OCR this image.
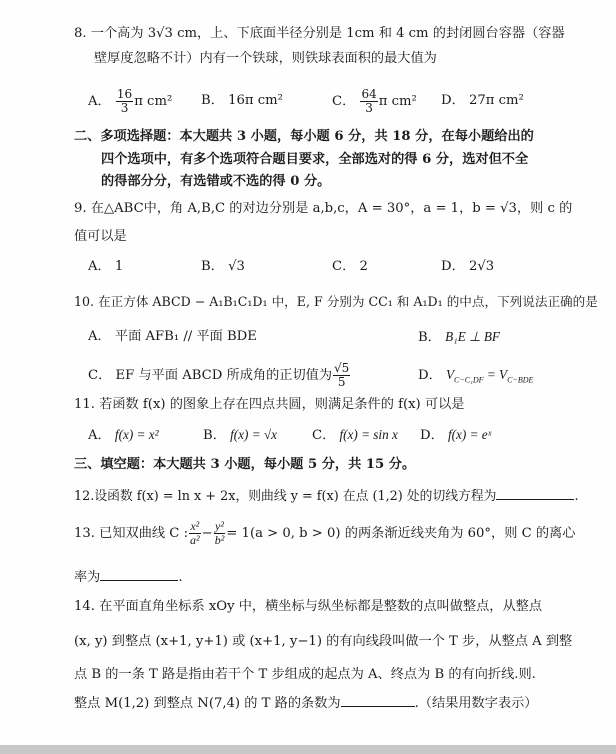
8. 一个高为 3√3 cm，上、下底面半径分别是 1cm 和 4 cm 的封闭圆台容器（容器
壁厚度忽略不计）内有一个铁球，则铁球表面积的最大值为
A． $\frac{16}{3}$ π cm² B． 16π cm²	C． $\frac{64}{3}$ π cm² D． 27π cm²
二、多项选择题：本大题共 3 小题，每小题 6 分，共 18 分，在每小题给出的
四个选项中，有多个选项符合题目要求，全部选对的得 6 分，选对但不全
的得部分分，有选错或不选的得 0 分。
9. 在△ABC中，角 A,B,C 的对边分别是 a,b,c，A = 30°，a = 1，b = √3，则 c 的
值可以是
A． 1	B． √3	C． 2	D． 2√3
10. 在正方体 ABCD − A₁B₁C₁D₁ 中，E, F 分别为 CC₁ 和 A₁D₁ 的中点，下列说法正确的是
A． 平面 AFB₁ // 平面 BDE	B． B₁E ⊥ BF
C． EF 与平面 ABCD 所成角的正切值为 $\frac{√5}{5}$	D． $V_{C-C_1DF} = V_{C-BDE}$
11. 若函数 f(x) 的图象上存在四点共圆，则满足条件的 f(x) 可以是
A． f(x) = x²	B． f(x) = √x	C． f(x) = sin x D． f(x) = eˣ
三、填空题：本大题共 3 小题，每小题 5 分，共 15 分。
12.设函数 f(x) = ln x + 2x，则曲线 y = f(x) 在点 (1,2) 处的切线方程为	.
13. 已知双曲线 C : $\frac{\text{x²}}{\text{a²}} - \frac{\text{y²}}{\text{b²}} = 1(a > 0$, b > 0) 的两条渐近线夹角为 60°，则 C 的离心
率为	.
14. 在平面直角坐标系 xOy 中，横坐标与纵坐标都是整数的点叫做整点，从整点
(x, y) 到整点 (x+1, y+1) 或 (x+1, y−1) 的有向线段叫做一个 T 步，从整点 A 到整
点 B 的一条 T 路是指由若干个 T 步组成的起点为 A、终点为 B 的有向折线.则.
整点 M(1,2) 到整点 N(7,4) 的 T 路的条数为	.（结果用数字表示）
